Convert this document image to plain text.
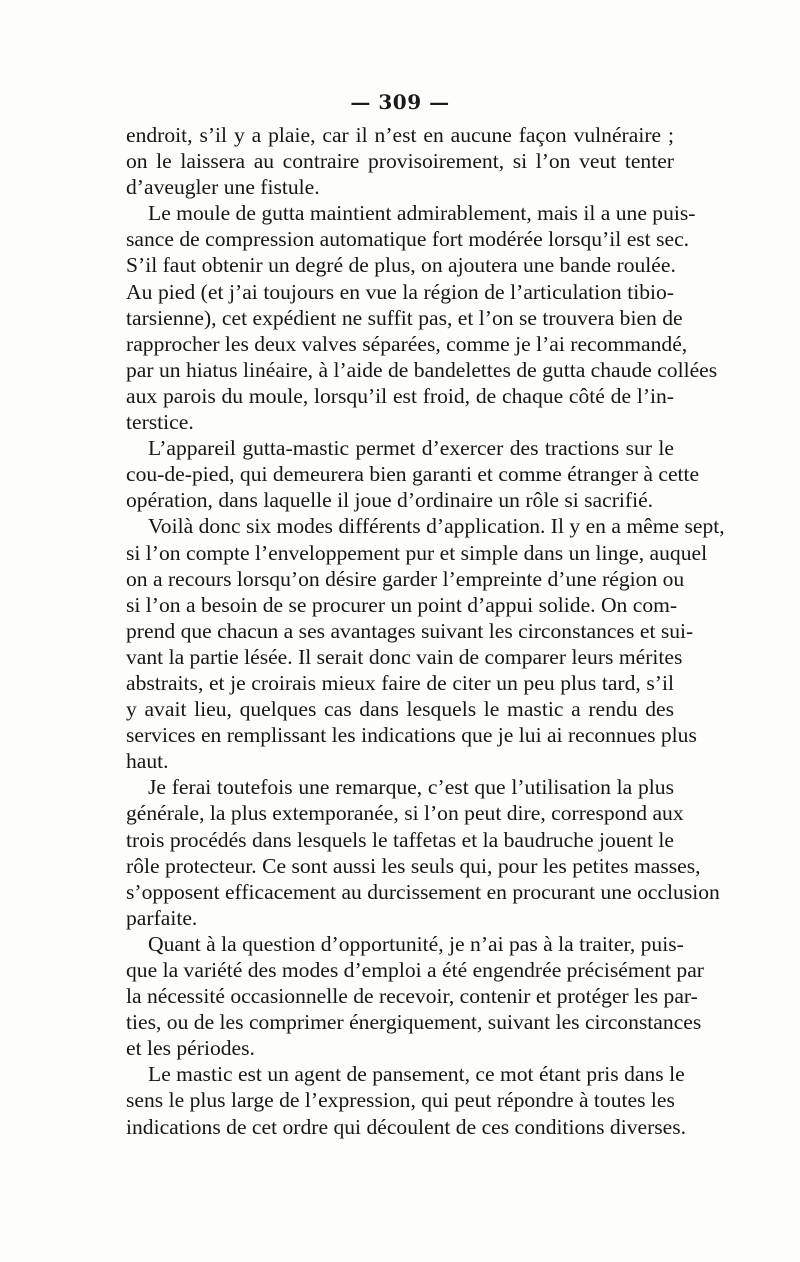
— 309 —
endroit, s’il y a plaie, car il n’est en aucune façon vulnéraire ;
on le laissera au contraire provisoirement, si l’on veut tenter
d’aveugler une fistule.
Le moule de gutta maintient admirablement, mais il a une puis-
sance de compression automatique fort modérée lorsqu’il est sec.
S’il faut obtenir un degré de plus, on ajoutera une bande roulée.
Au pied (et j’ai toujours en vue la région de l’articulation tibio-
tarsienne), cet expédient ne suffit pas, et l’on se trouvera bien de
rapprocher les deux valves séparées, comme je l’ai recommandé,
par un hiatus linéaire, à l’aide de bandelettes de gutta chaude collées
aux parois du moule, lorsqu’il est froid, de chaque côté de l’in-
terstice.
L’appareil gutta-mastic permet d’exercer des tractions sur le
cou-de-pied, qui demeurera bien garanti et comme étranger à cette
opération, dans laquelle il joue d’ordinaire un rôle si sacrifié.
Voilà donc six modes différents d’application. Il y en a même sept,
si l’on compte l’enveloppement pur et simple dans un linge, auquel
on a recours lorsqu’on désire garder l’empreinte d’une région ou
si l’on a besoin de se procurer un point d’appui solide. On com-
prend que chacun a ses avantages suivant les circonstances et sui-
vant la partie lésée. Il serait donc vain de comparer leurs mérites
abstraits, et je croirais mieux faire de citer un peu plus tard, s’il
y avait lieu, quelques cas dans lesquels le mastic a rendu des
services en remplissant les indications que je lui ai reconnues plus
haut.
Je ferai toutefois une remarque, c’est que l’utilisation la plus
générale, la plus extemporanée, si l’on peut dire, correspond aux
trois procédés dans lesquels le taffetas et la baudruche jouent le
rôle protecteur. Ce sont aussi les seuls qui, pour les petites masses,
s’opposent efficacement au durcissement en procurant une occlusion
parfaite.
Quant à la question d’opportunité, je n’ai pas à la traiter, puis-
que la variété des modes d’emploi a été engendrée précisément par
la nécessité occasionnelle de recevoir, contenir et protéger les par-
ties, ou de les comprimer énergiquement, suivant les circonstances
et les périodes.
Le mastic est un agent de pansement, ce mot étant pris dans le
sens le plus large de l’expression, qui peut répondre à toutes les
indications de cet ordre qui découlent de ces conditions diverses.
